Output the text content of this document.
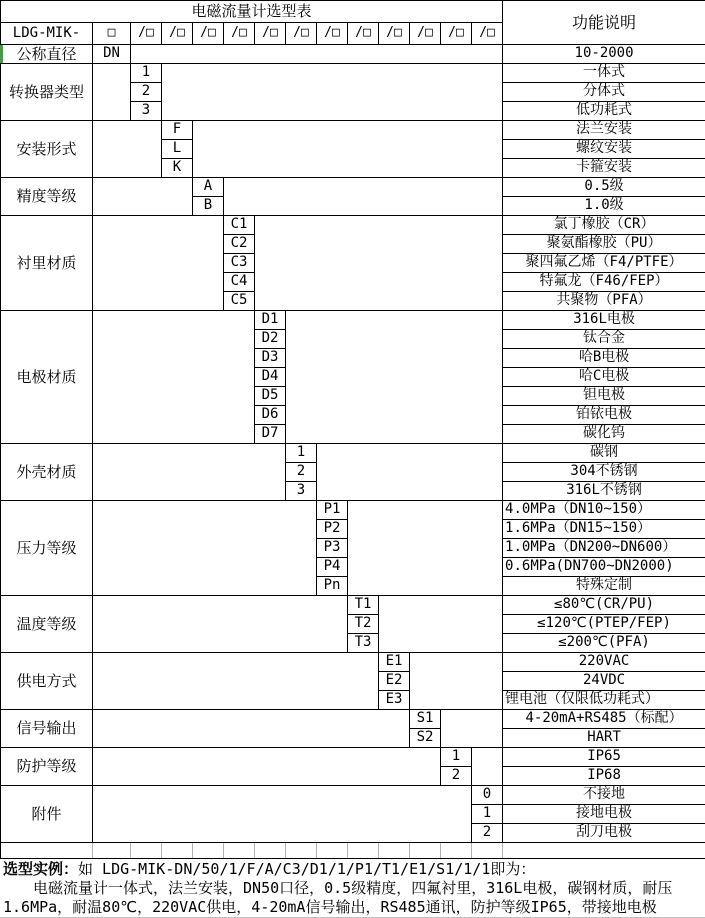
电磁流量计选型表														功能说明
LDG-MIK-	□	/□	/□	/□	/□	/□	/□	/□	/□	/□	/□	/□	/□	
公称直径	DN													10-2000
转换器类型		1												一体式
		2												分体式
		3												低功耗式
安装形式			F											法兰安装
			L											螺纹安装
			K											卡箍安装
精度等级				A										0.5级
				B										1.0级
衬里材质					C1									氯丁橡胶（CR）
					C2									聚氨酯橡胶（PU）
					C3									聚四氟乙烯（F4/PTFE）
					C4									特氟龙（F46/FEP）
					C5									共聚物（PFA）
电极材质						D1								316L电极
						D2								钛合金
						D3								哈B电极
						D4								哈C电极
						D5								钽电极
						D6								铂铱电极
						D7								碳化钨
外壳材质							1							碳钢
							2							304不锈钢
							3							316L不锈钢
压力等级								P1						4.0MPa（DN10~150）
								P2						1.6MPa（DN15~150）
								P3						1.0MPa（DN200~DN600）
								P4						0.6MPa(DN700~DN2000)
								Pn						特殊定制
温度等级									T1					≤80℃(CR/PU)
									T2					≤120℃(PTEP/FEP)
									T3					≤200℃(PFA)
供电方式										E1				220VAC
										E2				24VDC
										E3				锂电池（仅限低功耗式）
信号输出											S1			4-20mA+RS485（标配）
											S2			HART
防护等级												1		IP65
												2		IP68
附件													0	不接地
													1	接地电极
													2	刮刀电极

选型实例：如 LDG-MIK-DN/50/1/F/A/C3/D1/1/P1/T1/E1/S1/1/1即为：
电磁流量计一体式，法兰安装，DN50口径，0.5级精度，四氟衬里，316L电极，碳钢材质，耐压
1.6MPa，耐温80℃，220VAC供电，4-20mA信号输出，RS485通讯，防护等级IP65，带接地电极
